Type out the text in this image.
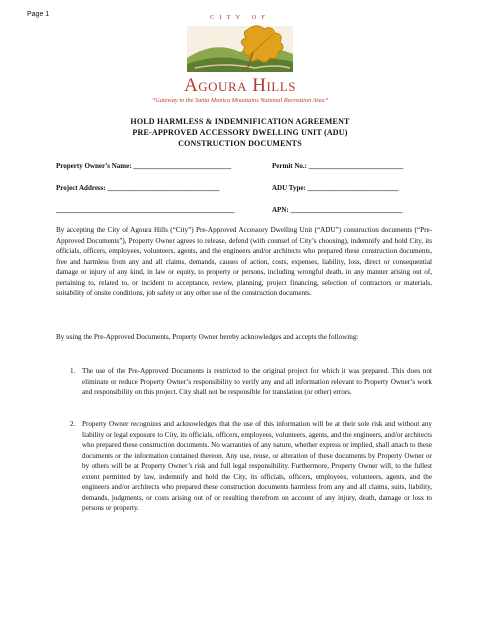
Page 1	CITY OF
Agoura Hills
“Gateway to the Santa Monica Mountains National Recreation Area”
HOLD HARMLESS & INDEMNIFICATION AGREEMENT
PRE-APPROVED ACCESSORY DWELLING UNIT (ADU)
CONSTRUCTION DOCUMENTS
Property Owner’s Name: ____________________________	Permit No.: ___________________________
Project Address: ________________________________	ADU Type: __________________________
___________________________________________________	APN: ________________________________
By accepting the City of Agoura Hills (“City”) Pre-Approved Accessory Dwelling Unit (“ADU”) construction documents (“Pre-Approved Documents”), Property Owner agrees to release, defend (with counsel of City’s choosing), indemnify and hold City, its officials, officers, employees, volunteers, agents, and the engineers and/or architects who prepared these construction documents, free and harmless from any and all claims, demands, causes of action, costs, expenses, liability, loss, direct or consequential damage or injury of any kind, in law or equity, to property or persons, including wrongful death, in any manner arising out of, pertaining to, related to, or incident to acceptance, review, planning, project financing, selection of contractors or materials, suitability of onsite conditions, job safety or any other use of the construction documents.
By using the Pre-Approved Documents, Property Owner hereby acknowledges and accepts the following:
1. The use of the Pre-Approved Documents is restricted to the original project for which it was prepared. This does not eliminate or reduce Property Owner’s responsibility to verify any and all information relevant to Property Owner’s work and responsibility on this project. City shall not be responsible for translation (or other) errors.
2. Property Owner recognizes and acknowledges that the use of this information will be at their sole risk and without any liability or legal exposure to City, its officials, officers, employees, volunteers, agents, and the engineers, and/or architects who prepared these construction documents. No warranties of any nature, whether express or implied, shall attach to these documents or the information contained thereon. Any use, reuse, or alteration of these documents by Property Owner or by others will be at Property Owner’s risk and full legal responsibility. Furthermore, Property Owner will, to the fullest extent permitted by law, indemnify and hold the City, its officials, officers, employees, volunteers, agents, and the engineers and/or architects who prepared these construction documents harmless from any and all claims, suits, liability, demands, judgments, or costs arising out of or resulting therefrom on account of any injury, death, damage or loss to persons or property.
